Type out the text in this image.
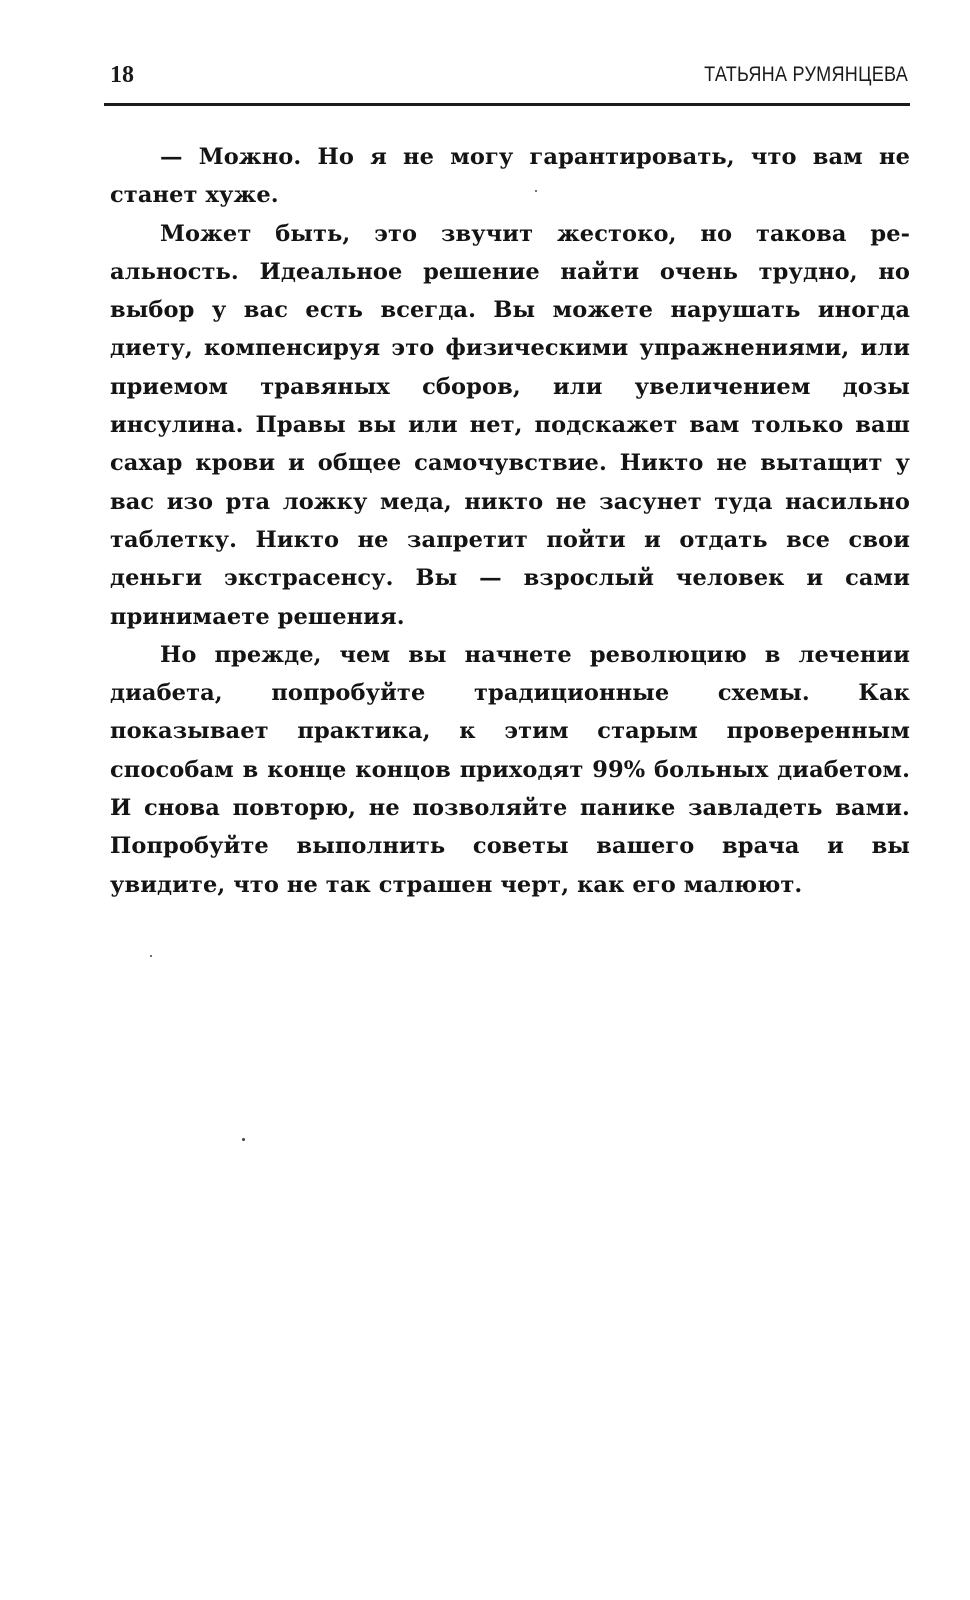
18	ТАТЬЯНА РУМЯНЦЕВА

— Можно. Но я не могу гарантировать, что вам не станет хуже.

Может быть, это звучит жестоко, но такова реальность. Идеальное решение найти очень трудно, но выбор у вас есть всегда. Вы можете нарушать иногда диету, компенсируя это физическими упражнениями, или приемом травяных сборов, или увеличением дозы инсулина. Правы вы или нет, подскажет вам только ваш сахар крови и общее самочувствие. Никто не вытащит у вас изо рта ложку меда, никто не засунет туда насильно таблетку. Никто не запретит пойти и отдать все свои деньги экстрасенсу. Вы — взрослый человек и сами принимаете решения.

Но прежде, чем вы начнете революцию в лечении диабета, попробуйте традиционные схемы. Как показывает практика, к этим старым проверенным способам в конце концов приходят 99% больных диабетом. И снова повторю, не позволяйте панике завладеть вами. Попробуйте выполнить советы вашего врача и вы увидите, что не так страшен черт, как его малюют.
